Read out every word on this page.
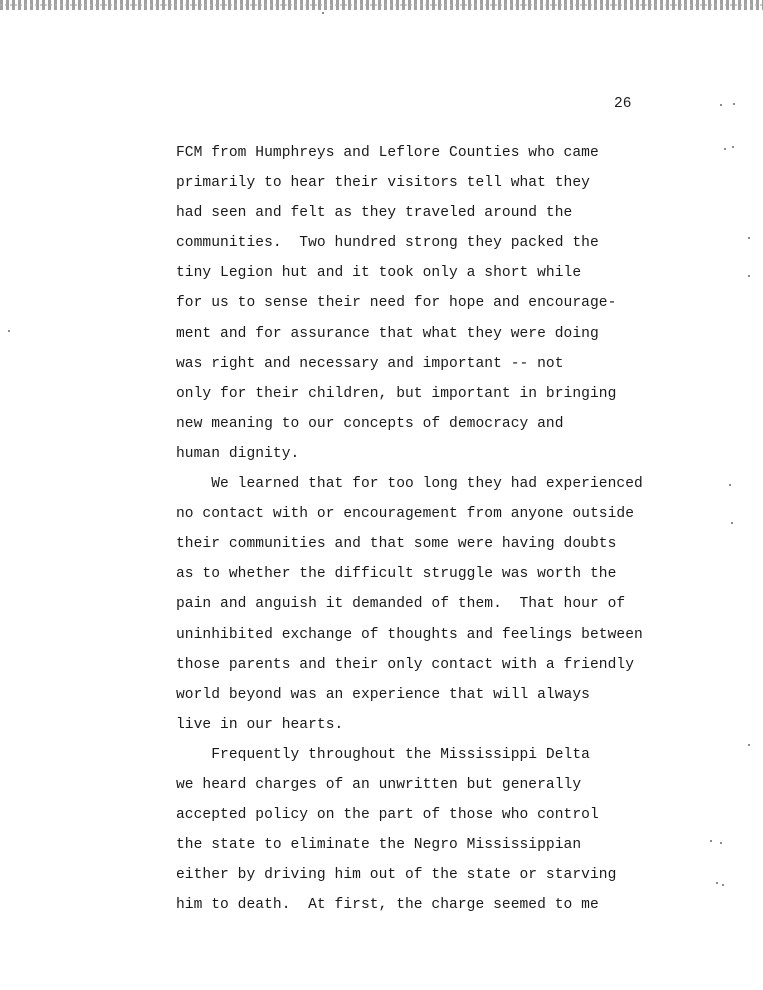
26
FCM from Humphreys and Leflore Counties who came
primarily to hear their visitors tell what they
had seen and felt as they traveled around the
communities.  Two hundred strong they packed the
tiny Legion hut and it took only a short while
for us to sense their need for hope and encourage-
ment and for assurance that what they were doing
was right and necessary and important -- not
only for their children, but important in bringing
new meaning to our concepts of democracy and
human dignity.
We learned that for too long they had experienced
no contact with or encouragement from anyone outside
their communities and that some were having doubts
as to whether the difficult struggle was worth the
pain and anguish it demanded of them.  That hour of
uninhibited exchange of thoughts and feelings between
those parents and their only contact with a friendly
world beyond was an experience that will always
live in our hearts.
Frequently throughout the Mississippi Delta
we heard charges of an unwritten but generally
accepted policy on the part of those who control
the state to eliminate the Negro Mississippian
either by driving him out of the state or starving
him to death.  At first, the charge seemed to me
